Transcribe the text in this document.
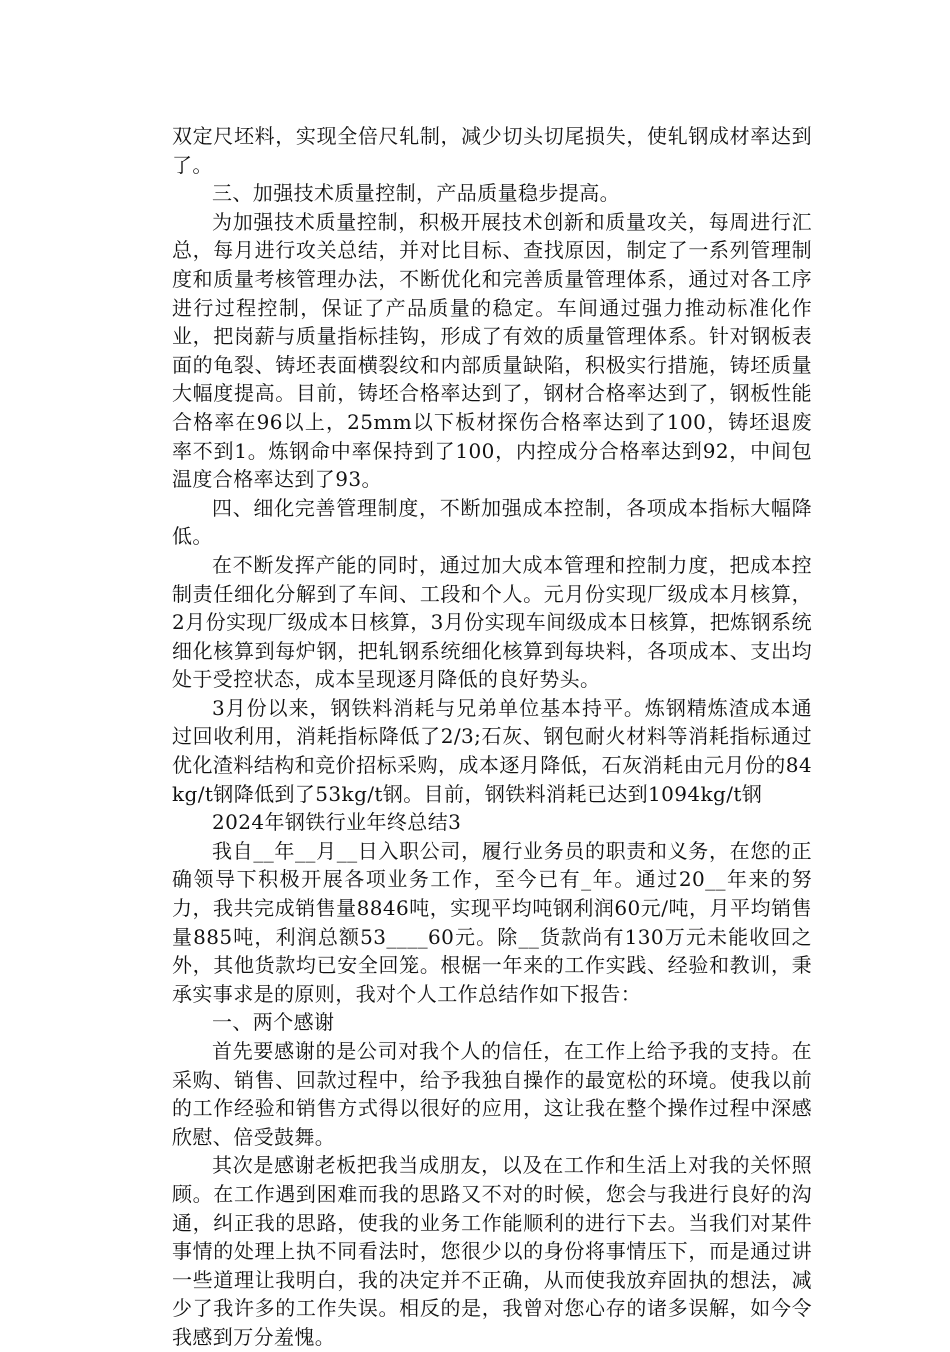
双定尺坯料，实现全倍尺轧制，减少切头切尾损失，使轧钢成材率达到了。

三、加强技术质量控制，产品质量稳步提高。

为加强技术质量控制，积极开展技术创新和质量攻关，每周进行汇总，每月进行攻关总结，并对比目标、查找原因，制定了一系列管理制度和质量考核管理办法，不断优化和完善质量管理体系，通过对各工序进行过程控制，保证了产品质量的稳定。车间通过强力推动标准化作业，把岗薪与质量指标挂钩，形成了有效的质量管理体系。针对钢板表面的龟裂、铸坯表面横裂纹和内部质量缺陷，积极实行措施，铸坯质量大幅度提高。目前，铸坯合格率达到了，钢材合格率达到了，钢板性能合格率在96以上，25mm以下板材探伤合格率达到了100，铸坯退废率不到1。炼钢命中率保持到了100，内控成分合格率达到92，中间包温度合格率达到了93。

四、细化完善管理制度，不断加强成本控制，各项成本指标大幅降低。

在不断发挥产能的同时，通过加大成本管理和控制力度，把成本控制责任细化分解到了车间、工段和个人。元月份实现厂级成本月核算，2月份实现厂级成本日核算，3月份实现车间级成本日核算，把炼钢系统细化核算到每炉钢，把轧钢系统细化核算到每块料，各项成本、支出均处于受控状态，成本呈现逐月降低的良好势头。

3月份以来，钢铁料消耗与兄弟单位基本持平。炼钢精炼渣成本通过回收利用，消耗指标降低了2/3;石灰、钢包耐火材料等消耗指标通过优化渣料结构和竞价招标采购，成本逐月降低，石灰消耗由元月份的84kg/t钢降低到了53kg/t钢。目前，钢铁料消耗已达到1094kg/t钢

2024年钢铁行业年终总结3

我自__年__月__日入职公司，履行业务员的职责和义务，在您的正确领导下积极开展各项业务工作，至今已有_年。通过20__年来的努力，我共完成销售量8846吨，实现平均吨钢利润60元/吨，月平均销售量885吨，利润总额53____60元。除__货款尚有130万元未能收回之外，其他货款均已安全回笼。根椐一年来的工作实践、经验和教训，秉承实事求是的原则，我对个人工作总结作如下报告：

一、两个感谢

首先要感谢的是公司对我个人的信任，在工作上给予我的支持。在采购、销售、回款过程中，给予我独自操作的最宽松的环境。使我以前的工作经验和销售方式得以很好的应用，这让我在整个操作过程中深感欣慰、倍受鼓舞。

其次是感谢老板把我当成朋友，以及在工作和生活上对我的关怀照顾。在工作遇到困难而我的思路又不对的时候，您会与我进行良好的沟通，纠正我的思路，使我的业务工作能顺利的进行下去。当我们对某件事情的处理上执不同看法时，您很少以的身份将事情压下，而是通过讲一些道理让我明白，我的决定并不正确，从而使我放弃固执的想法，减少了我许多的工作失误。相反的是，我曾对您心存的诸多误解，如今令我感到万分羞愧。
